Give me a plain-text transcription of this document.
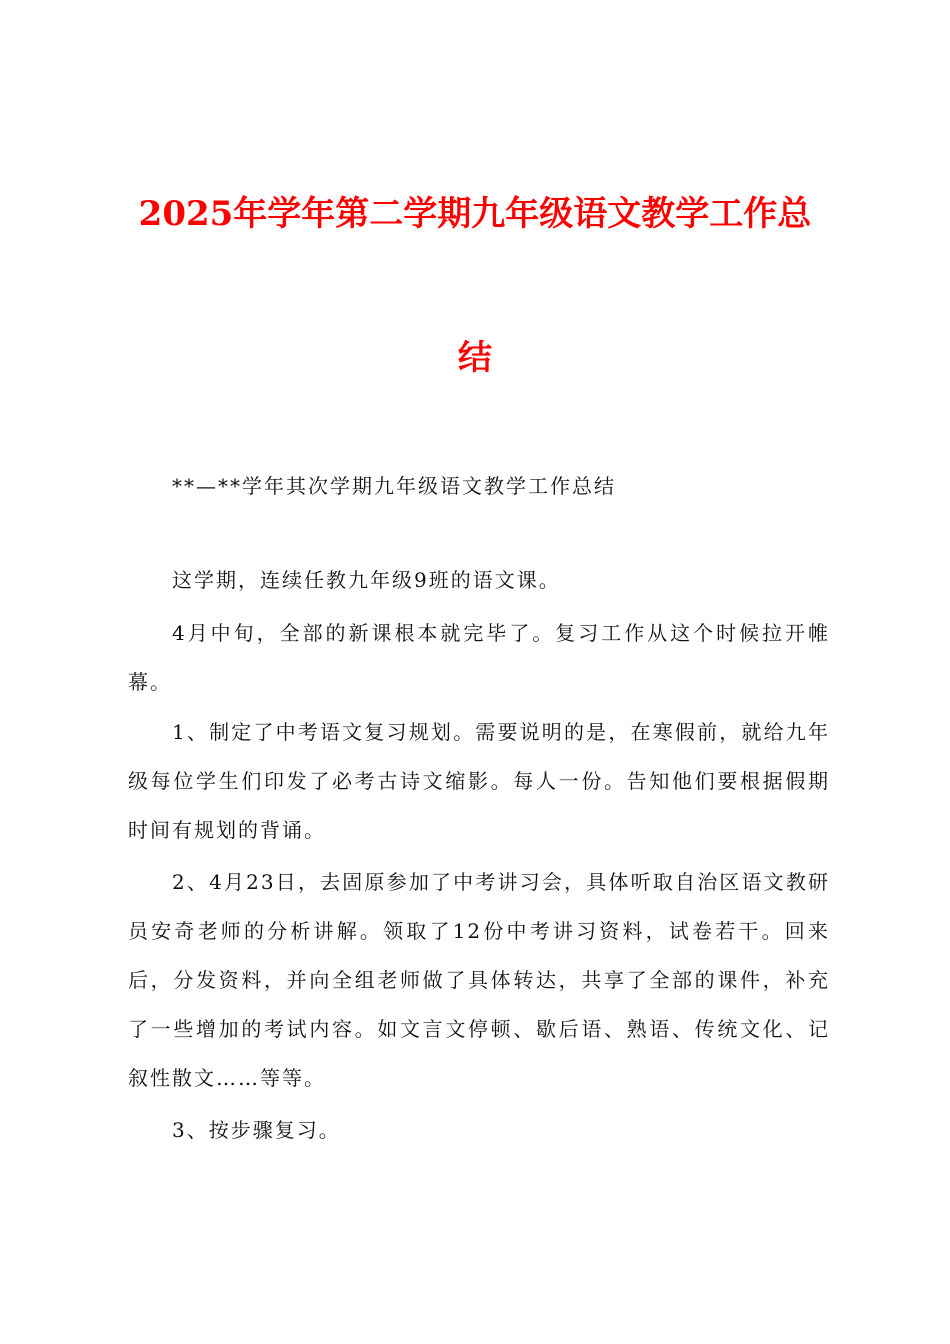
2025年学年第二学期九年级语文教学工作总
结

**—**学年其次学期九年级语文教学工作总结

这学期，连续任教九年级9班的语文课。

4月中旬，全部的新课根本就完毕了。复习工作从这个时候拉开帷幕。

1、制定了中考语文复习规划。需要说明的是，在寒假前，就给九年级每位学生们印发了必考古诗文缩影。每人一份。告知他们要根据假期时间有规划的背诵。

2、4月23日，去固原参加了中考讲习会，具体听取自治区语文教研员安奇老师的分析讲解。领取了12份中考讲习资料，试卷若干。回来后，分发资料，并向全组老师做了具体转达，共享了全部的课件，补充了一些增加的考试内容。如文言文停顿、歇后语、熟语、传统文化、记叙性散文……等等。

3、按步骤复习。
